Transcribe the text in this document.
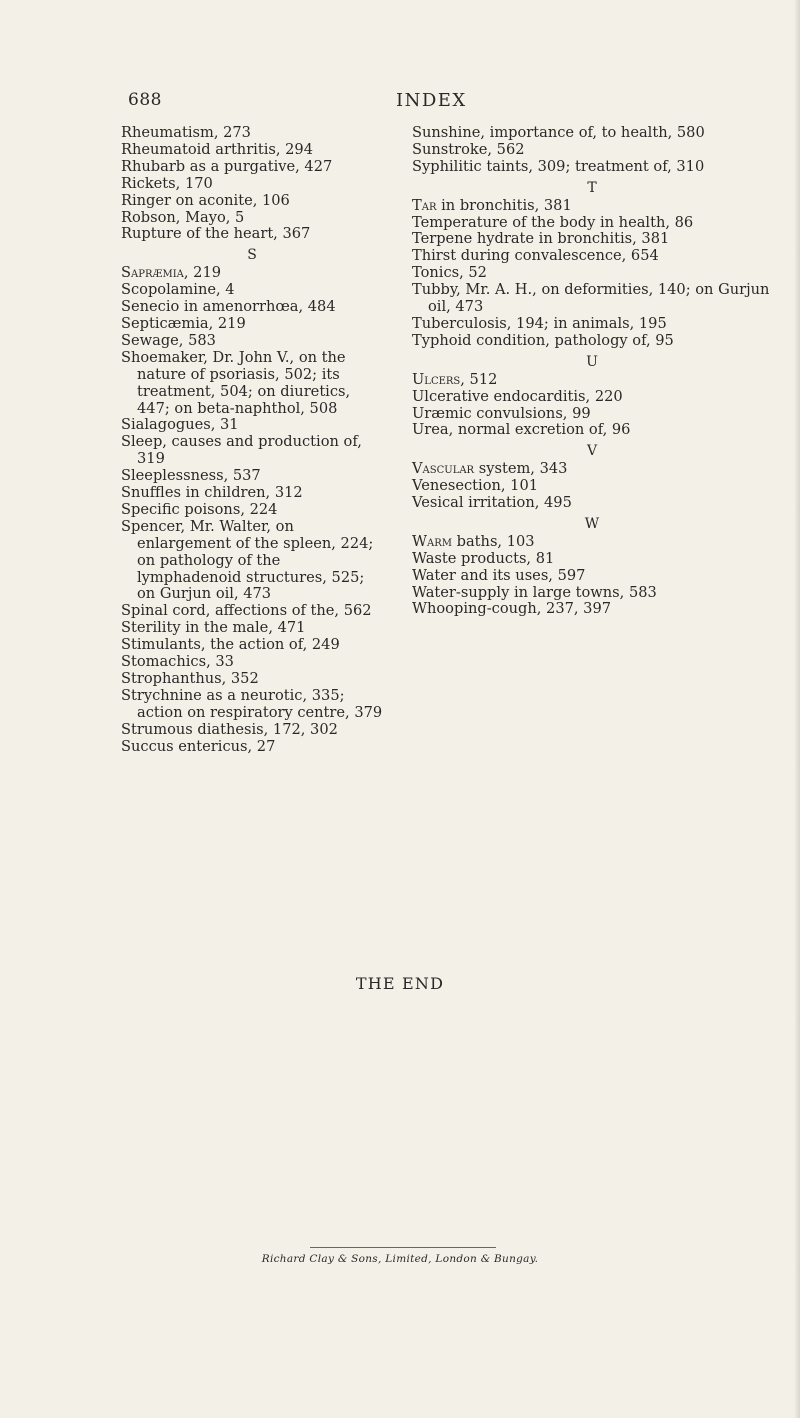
688	INDEX
Rheumatism, 273
Rheumatoid arthritis, 294
Rhubarb as a purgative, 427
Rickets, 170
Ringer on aconite, 106
Robson, Mayo, 5
Rupture of the heart, 367
S
Sapræmia, 219
Scopolamine, 4
Senecio in amenorrhœa, 484
Septicæmia, 219
Sewage, 583
Shoemaker, Dr. John V., on the nature of psoriasis, 502; its treatment, 504; on diuretics, 447; on beta-naphthol, 508
Sialagogues, 31
Sleep, causes and production of, 319
Sleeplessness, 537
Snuffles in children, 312
Specific poisons, 224
Spencer, Mr. Walter, on enlargement of the spleen, 224; on pathology of the lymphadenoid structures, 525; on Gurjun oil, 473
Spinal cord, affections of the, 562
Sterility in the male, 471
Stimulants, the action of, 249
Stomachics, 33
Strophanthus, 352
Strychnine as a neurotic, 335; action on respiratory centre, 379
Strumous diathesis, 172, 302
Succus entericus, 27
Sunshine, importance of, to health, 580
Sunstroke, 562
Syphilitic taints, 309; treatment of, 310
T
Tar in bronchitis, 381
Temperature of the body in health, 86
Terpene hydrate in bronchitis, 381
Thirst during convalescence, 654
Tonics, 52
Tubby, Mr. A. H., on deformities, 140; on Gurjun oil, 473
Tuberculosis, 194; in animals, 195
Typhoid condition, pathology of, 95
U
Ulcers, 512
Ulcerative endocarditis, 220
Uræmic convulsions, 99
Urea, normal excretion of, 96
V
Vascular system, 343
Venesection, 101
Vesical irritation, 495
W
Warm baths, 103
Waste products, 81
Water and its uses, 597
Water-supply in large towns, 583
Whooping-cough, 237, 397
THE END
Richard Clay & Sons, Limited, London & Bungay.
